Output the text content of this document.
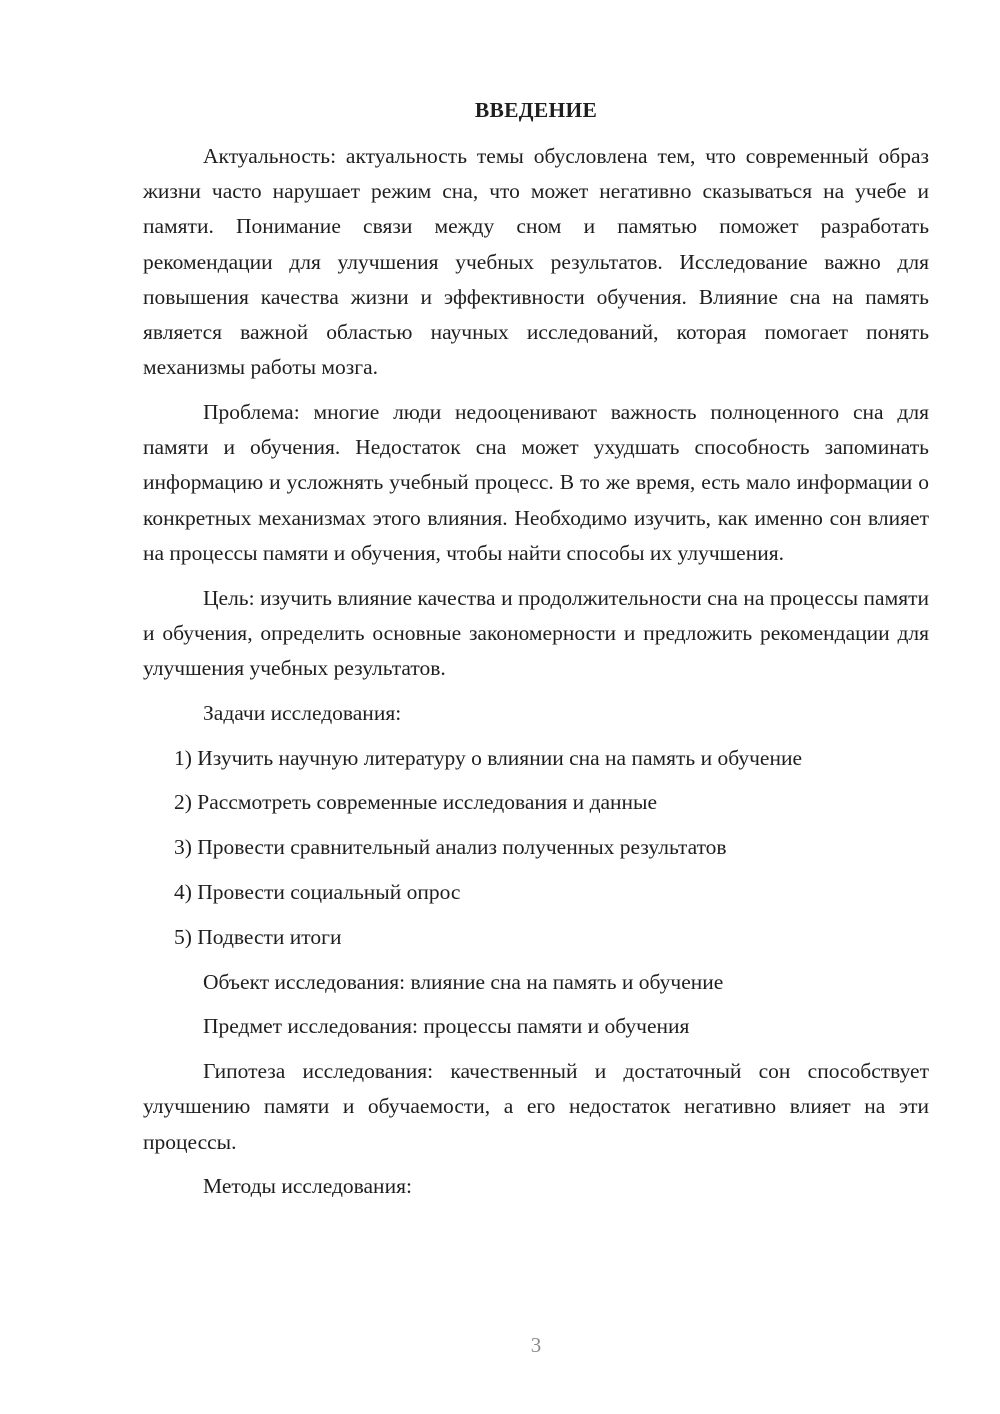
ВВЕДЕНИЕ
Актуальность: актуальность темы обусловлена тем, что современный образ жизни часто нарушает режим сна, что может негативно сказываться на учебе и памяти. Понимание связи между сном и памятью поможет разработать рекомендации для улучшения учебных результатов. Исследование важно для повышения качества жизни и эффективности обучения. Влияние сна на память является важной областью научных исследований, которая помогает понять механизмы работы мозга.
Проблема: многие люди недооценивают важность полноценного сна для памяти и обучения. Недостаток сна может ухудшать способность запоминать информацию и усложнять учебный процесс. В то же время, есть мало информации о конкретных механизмах этого влияния. Необходимо изучить, как именно сон влияет на процессы памяти и обучения, чтобы найти способы их улучшения.
Цель: изучить влияние качества и продолжительности сна на процессы памяти и обучения, определить основные закономерности и предложить рекомендации для улучшения учебных результатов.
Задачи исследования:
1) Изучить научную литературу о влиянии сна на память и обучение
2) Рассмотреть современные исследования и данные
3) Провести сравнительный анализ полученных результатов
4) Провести социальный опрос
5) Подвести итоги
Объект исследования: влияние сна на память и обучение
Предмет исследования: процессы памяти и обучения
Гипотеза исследования: качественный и достаточный сон способствует улучшению памяти и обучаемости, а его недостаток негативно влияет на эти процессы.
Методы исследования:
3
